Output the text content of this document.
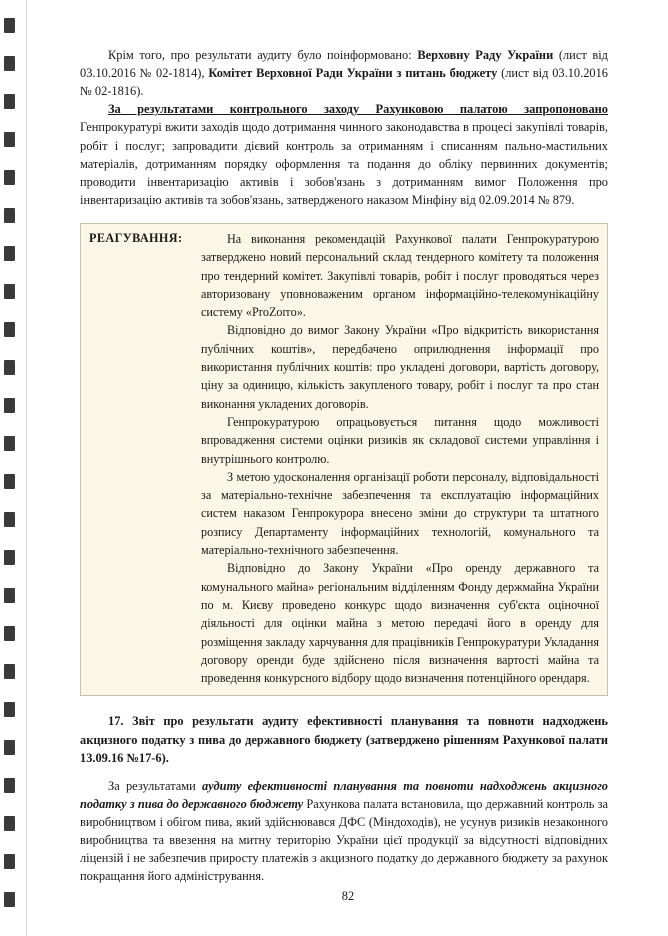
Крім того, про результати аудиту було поінформовано: Верховну Раду України (лист від 03.10.2016 № 02-1814), Комітет Верховної Ради України з питань бюджету (лист від 03.10.2016 № 02-1816).

За результатами контрольного заходу Рахунковою палатою запропоновано Генпрокуратурі вжити заходів щодо дотримання чинного законодавства в процесі закупівлі товарів, робіт і послуг; запровадити дієвий контроль за отриманням і списанням пально-мастильних матеріалів, дотриманням порядку оформлення та подання до обліку первинних документів; проводити інвентаризацію активів і зобов'язань з дотриманням вимог Положення про інвентаризацію активів та зобов'язань, затвердженого наказом Мінфіну від 02.09.2014 № 879.

РЕАГУВАННЯ:	На виконання рекомендацій Рахункової палати Генпрокуратурою затверджено новий персональний склад тендерного комітету та положення про тендерний комітет. Закупівлі товарів, робіт і послуг проводяться через авторизовану уповноваженим органом інформаційно-телекомунікаційну систему «ProZorro».

Відповідно до вимог Закону України «Про відкритість використання публічних коштів», передбачено оприлюднення інформації про використання публічних коштів: про укладені договори, вартість договору, ціну за одиницю, кількість закупленого товару, робіт і послуг та про стан виконання укладених договорів.

Генпрокуратурою опрацьовується питання щодо можливості впровадження системи оцінки ризиків як складової системи управління і внутрішнього контролю.

З метою удосконалення організації роботи персоналу, відповідальності за матеріально-технічне забезпечення та експлуатацію інформаційних систем наказом Генпрокурора внесено зміни до структури та штатного розпису Департаменту інформаційних технологій, комунального та матеріально-технічного забезпечення.

Відповідно до Закону України «Про оренду державного та комунального майна» регіональним відділенням Фонду держмайна України по м. Києву проведено конкурс щодо визначення суб'єкта оціночної діяльності для оцінки майна з метою передачі його в оренду для розміщення закладу харчування для працівників Генпрокуратури Укладання договору оренди буде здійснено після визначення вартості майна та проведення конкурсного відбору щодо визначення потенційного орендаря.

17. Звіт про результати аудиту ефективності планування та повноти надходжень акцизного податку з пива до державного бюджету (затверджено рішенням Рахункової палати 13.09.16 №17-6).

За результатами аудиту ефективності планування та повноти надходжень акцизного податку з пива до державного бюджету Рахункова палата встановила, що державний контроль за виробництвом і обігом пива, який здійснювався ДФС (Міндоходів), не усунув ризиків незаконного виробництва та ввезення на митну територію України цієї продукції за відсутності відповідних ліцензій і не забезпечив приросту платежів з акцизного податку до державного бюджету за рахунок покращання його адміністрування.

82
